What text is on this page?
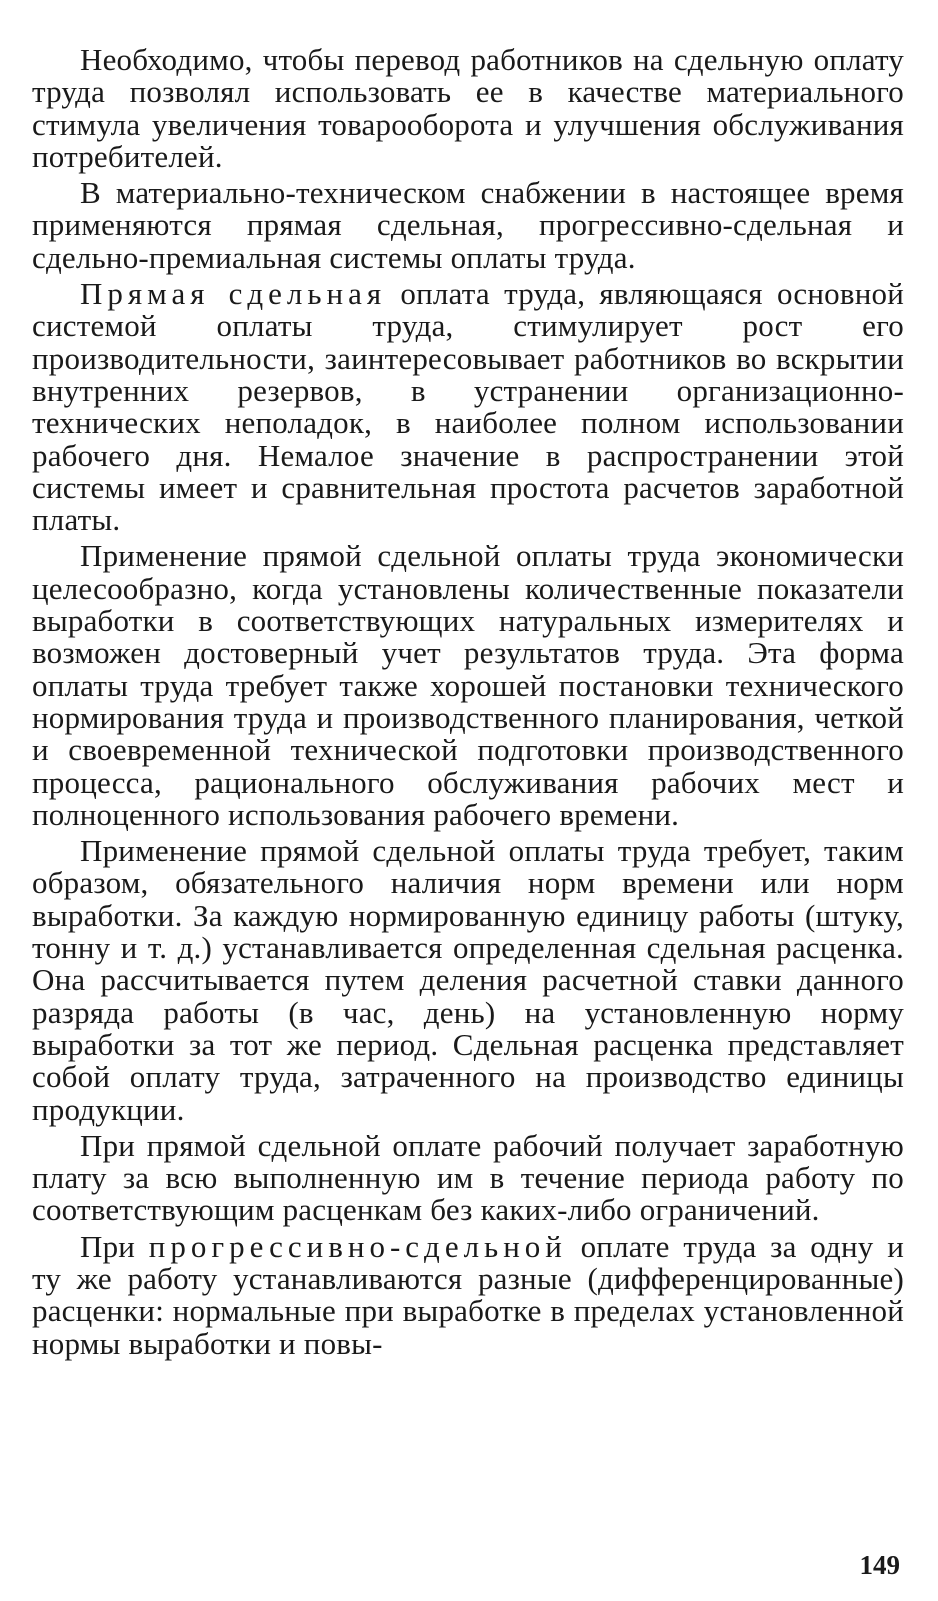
Необходимо, чтобы перевод работников на сдельную оплату труда позволял использовать ее в качестве материального стимула увеличения товарооборота и улучшения обслуживания потребителей.

В материально-техническом снабжении в настоящее время применяются прямая сдельная, прогрессивно-сдельная и сдельно-премиальная системы оплаты труда.

Прямая сдельная оплата труда, являющаяся основной системой оплаты труда, стимулирует рост его производительности, заинтересовывает работников во вскрытии внутренних резервов, в устранении организационно-технических неполадок, в наиболее полном использовании рабочего дня. Немалое значение в распространении этой системы имеет и сравнительная простота расчетов заработной платы.

Применение прямой сдельной оплаты труда экономически целесообразно, когда установлены количественные показатели выработки в соответствующих натуральных измерителях и возможен достоверный учет результатов труда. Эта форма оплаты труда требует также хорошей постановки технического нормирования труда и производственного планирования, четкой и своевременной технической подготовки производственного процесса, рационального обслуживания рабочих мест и полноценного использования рабочего времени.

Применение прямой сдельной оплаты труда требует, таким образом, обязательного наличия норм времени или норм выработки. За каждую нормированную единицу работы (штуку, тонну и т. д.) устанавливается определенная сдельная расценка. Она рассчитывается путем деления расчетной ставки данного разряда работы (в час, день) на установленную норму выработки за тот же период. Сдельная расценка представляет собой оплату труда, затраченного на производство единицы продукции.

При прямой сдельной оплате рабочий получает заработную плату за всю выполненную им в течение периода работу по соответствующим расценкам без каких-либо ограничений.

При прогрессивно-сдельной оплате труда за одну и ту же работу устанавливаются разные (дифференцированные) расценки: нормальные при выработке в пределах установленной нормы выработки и повы-

149
